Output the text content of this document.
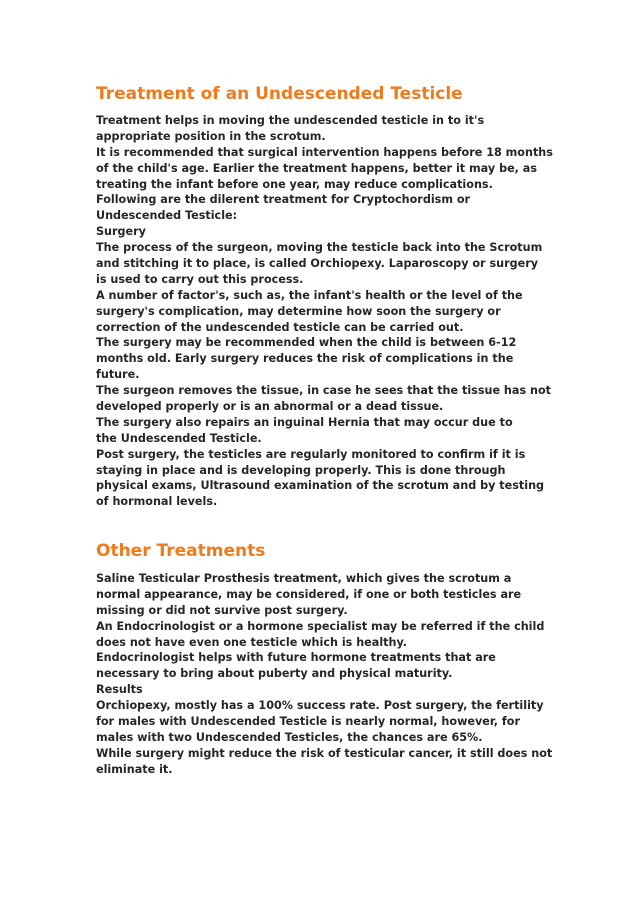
Treatment of an Undescended Testicle
Treatment helps in moving the undescended testicle in to it's
appropriate position in the scrotum.
It is recommended that surgical intervention happens before 18 months
of the child's age. Earlier the treatment happens, better it may be, as
treating the infant before one year, may reduce complications.
Following are the dilerent treatment for Cryptochordism or
Undescended Testicle:
Surgery
The process of the surgeon, moving the testicle back into the Scrotum
and stitching it to place, is called Orchiopexy. Laparoscopy or surgery
is used to carry out this process.
A number of factor's, such as, the infant's health or the level of the
surgery's complication, may determine how soon the surgery or
correction of the undescended testicle can be carried out.
The surgery may be recommended when the child is between 6-12
months old. Early surgery reduces the risk of complications in the
future.
The surgeon removes the tissue, in case he sees that the tissue has not
developed properly or is an abnormal or a dead tissue.
The surgery also repairs an inguinal Hernia that may occur due to
the Undescended Testicle.
Post surgery, the testicles are regularly monitored to confirm if it is
staying in place and is developing properly. This is done through
physical exams, Ultrasound examination of the scrotum and by testing
of hormonal levels.
Other Treatments
Saline Testicular Prosthesis treatment, which gives the scrotum a
normal appearance, may be considered, if one or both testicles are
missing or did not survive post surgery.
An Endocrinologist or a hormone specialist may be referred if the child
does not have even one testicle which is healthy.
Endocrinologist helps with future hormone treatments that are
necessary to bring about puberty and physical maturity.
Results
Orchiopexy, mostly has a 100% success rate. Post surgery, the fertility
for males with Undescended Testicle is nearly normal, however, for
males with two Undescended Testicles, the chances are 65%.
While surgery might reduce the risk of testicular cancer, it still does not
eliminate it.
